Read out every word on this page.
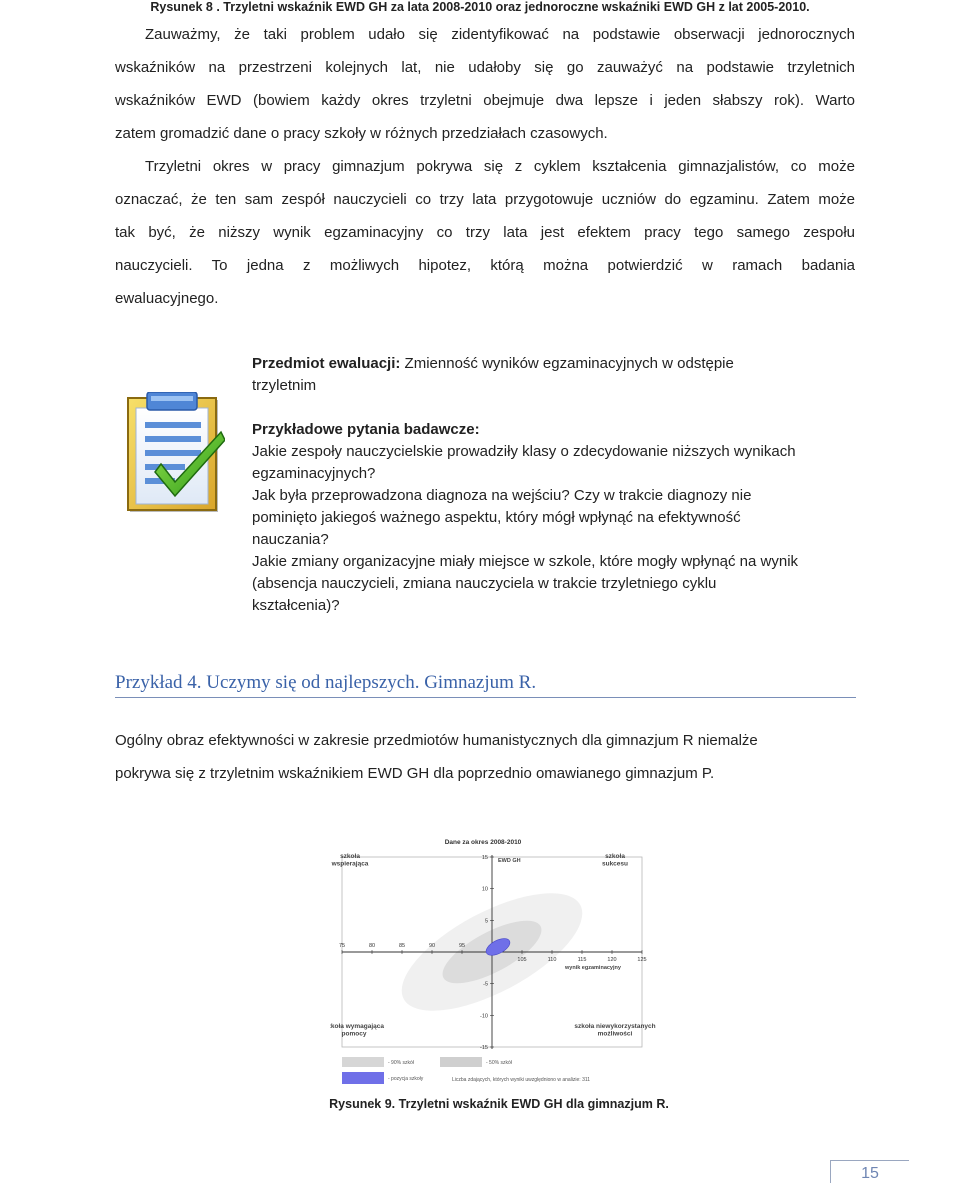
Rysunek 8 . Trzyletni wskaźnik EWD GH za lata 2008-2010 oraz jednoroczne wskaźniki EWD GH z lat 2005-2010.
Zauważmy, że taki problem udało się zidentyfikować na podstawie obserwacji jednorocznych
wskaźników na przestrzeni kolejnych lat, nie udałoby się go zauważyć na podstawie trzyletnich
wskaźników EWD (bowiem każdy okres trzyletni obejmuje dwa lepsze i jeden słabszy rok). Warto
zatem gromadzić dane o pracy szkoły w różnych przedziałach czasowych.
Trzyletni okres w pracy gimnazjum pokrywa się z cyklem kształcenia gimnazjalistów, co może
oznaczać, że ten sam zespół nauczycieli co trzy lata przygotowuje uczniów do egzaminu. Zatem może
tak być, że niższy wynik egzaminacyjny co trzy lata jest efektem pracy tego samego zespołu
nauczycieli. To jedna z możliwych hipotez, którą można potwierdzić w ramach badania
ewaluacyjnego.
Przedmiot ewaluacji: Zmienność wyników egzaminacyjnych w odstępie
trzyletnim
Przykładowe pytania badawcze:
Jakie zespoły nauczycielskie prowadziły klasy o zdecydowanie niższych wynikach
egzaminacyjnych?
Jak była przeprowadzona diagnoza na wejściu? Czy w trakcie diagnozy nie
pominięto jakiegoś ważnego aspektu, który mógł wpłynąć na efektywność
nauczania?
Jakie zmiany organizacyjne miały miejsce w szkole, które mogły wpłynąć na wynik
(absencja nauczycieli, zmiana nauczyciela w trakcie trzyletniego cyklu
kształcenia)?
Przykład 4. Uczymy się od najlepszych. Gimnazjum R.
Ogólny obraz efektywności w zakresie przedmiotów humanistycznych dla gimnazjum R niemalże
pokrywa się z trzyletnim wskaźnikiem EWD GH dla poprzednio omawianego gimnazjum P.
Dane za okres 2008-2010
75	80	85	90	95
105	110	115	120	125
15
10
5
-5
-10
-15
szkoła wspierająca
szkoła sukcesu
szkoła wymagająca pomocy
szkoła niewykorzystanych możliwości
EWD GH
wynik egzaminacyjny
- 90% szkół	- 50% szkół
- pozycja szkoły	Liczba zdających, których wyniki uwzględniono w analizie: 311
Rysunek 9. Trzyletni wskaźnik EWD GH dla gimnazjum R.
15
